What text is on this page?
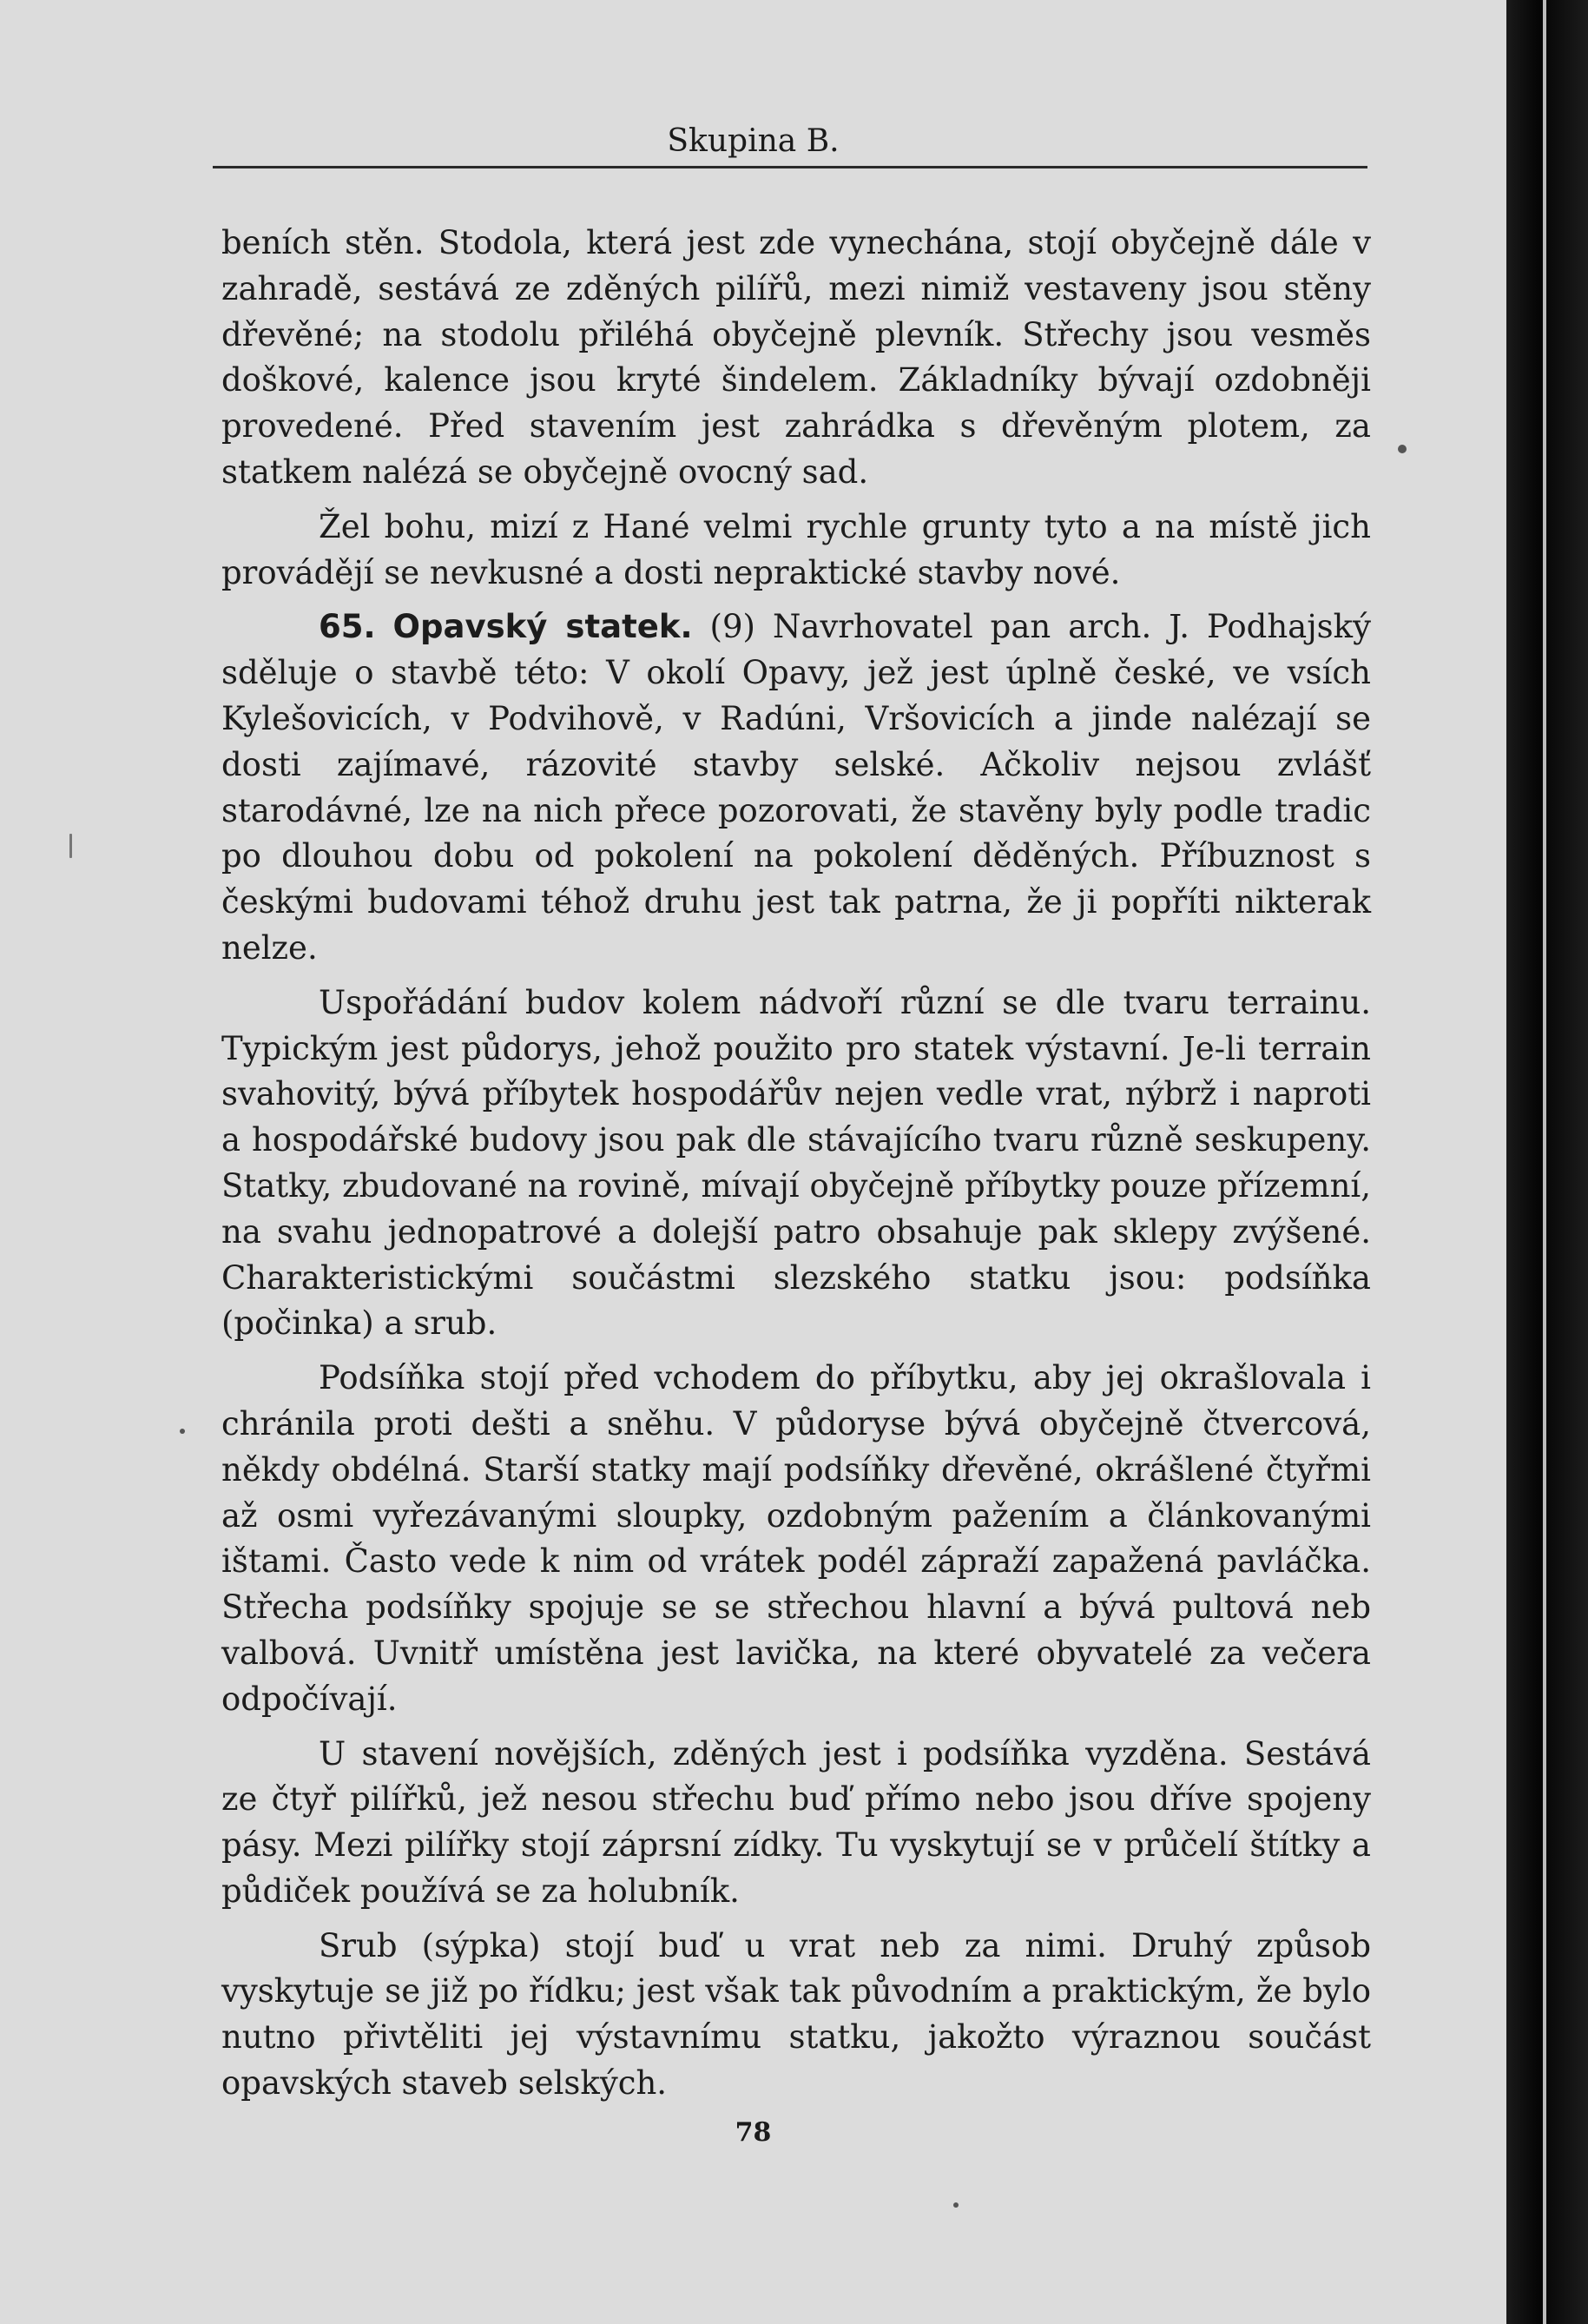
Skupina B.

beních stěn. Stodola, která jest zde vynechána, stojí obyčejně dále v zahradě, sestává ze zděných pilířů, mezi nimiž vestaveny jsou stěny dřevěné; na stodolu přiléhá obyčejně plevník. Střechy jsou vesměs doškové, kalence jsou kryté šindelem. Základníky bývají ozdobněji provedené. Před stavením jest zahrádka s dřevěným plotem, za statkem nalézá se obyčejně ovocný sad.

Žel bohu, mizí z Hané velmi rychle grunty tyto a na místě jich provádějí se nevkusné a dosti nepraktické stavby nové.

65. Opavský statek. (9) Navrhovatel pan arch. J. Podhajský sděluje o stavbě této: V okolí Opavy, jež jest úplně české, ve vsích Kylešovicích, v Podvihově, v Radúni, Vršovicích a jinde nalézají se dosti zajímavé, rázovité stavby selské. Ačkoliv nejsou zvlášť starodávné, lze na nich přece pozorovati, že stavěny byly podle tradic po dlouhou dobu od pokolení na pokolení děděných. Příbuznost s českými budovami téhož druhu jest tak patrna, že ji popříti nikterak nelze.

Uspořádání budov kolem nádvoří různí se dle tvaru terrainu. Typickým jest půdorys, jehož použito pro statek výstavní. Je-li terrain svahovitý, bývá příbytek hospodářův nejen vedle vrat, nýbrž i naproti a hospodářské budovy jsou pak dle stávajícího tvaru různě seskupeny. Statky, zbudované na rovině, mívají obyčejně příbytky pouze přízemní, na svahu jednopatrové a dolejší patro obsahuje pak sklepy zvýšené. Charakteristickými součástmi slezského statku jsou: podsíňka (počinka) a srub.

Podsíňka stojí před vchodem do příbytku, aby jej okrašlovala i chránila proti dešti a sněhu. V půdoryse bývá obyčejně čtvercová, někdy obdélná. Starší statky mají podsíňky dřevěné, okrášlené čtyřmi až osmi vyřezávanými sloupky, ozdobným pažením a článkovanými ištami. Často vede k nim od vrátek podél zápraží zapažená pavláčka. Střecha podsíňky spojuje se se střechou hlavní a bývá pultová neb valbová. Uvnitř umístěna jest lavička, na které obyvatelé za večera odpočívají.

U stavení novějších, zděných jest i podsíňka vyzděna. Sestává ze čtyř pilířků, jež nesou střechu buď přímo nebo jsou dříve spojeny pásy. Mezi pilířky stojí záprsní zídky. Tu vyskytují se v průčelí štítky a půdiček používá se za holubník.

Srub (sýpka) stojí buď u vrat neb za nimi. Druhý způsob vyskytuje se již po řídku; jest však tak původním a praktickým, že bylo nutno přivtěliti jej výstavnímu statku, jakožto výraznou součást opavských staveb selských.

78
